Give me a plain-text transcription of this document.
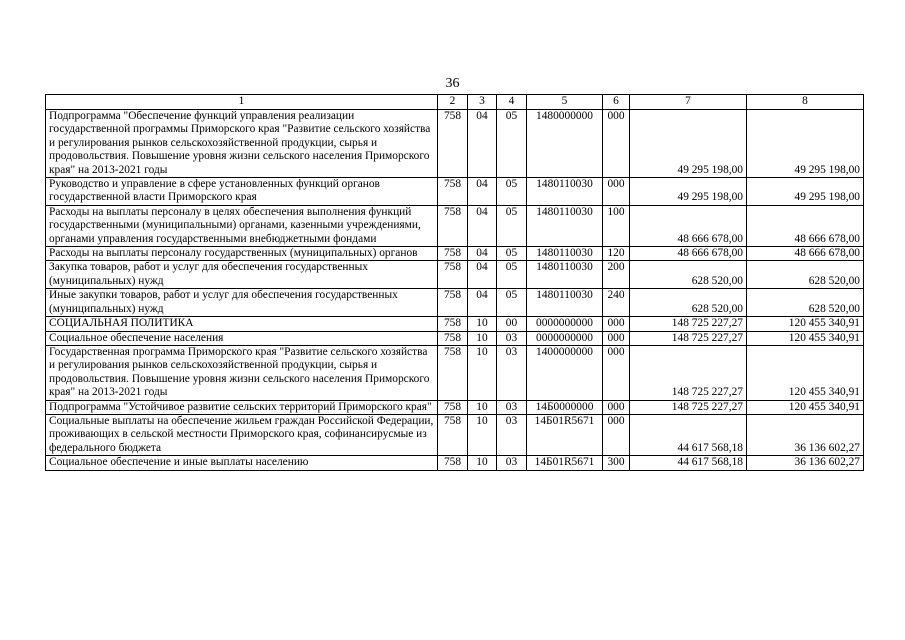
36
1	2	3	4	5	6	7	8
Подпрограмма "Обеспечение функций управления реализации государственной программы Приморского края "Развитие сельского хозяйства и регулирования рынков сельскохозяйственной продукции, сырья и продовольствия. Повышение уровня жизни сельского населения Приморского края" на 2013-2021 годы	758	04	05	1480000000	000	49 295 198,00	49 295 198,00
Руководство и управление в сфере установленных функций органов государственной власти Приморского края	758	04	05	1480110030	000	49 295 198,00	49 295 198,00
Расходы на выплаты персоналу в целях обеспечения выполнения функций государственными (муниципальными) органами, казенными учреждениями, органами управления государственными внебюджетными фондами	758	04	05	1480110030	100	48 666 678,00	48 666 678,00
Расходы на выплаты персоналу государственных (муниципальных) органов	758	04	05	1480110030	120	48 666 678,00	48 666 678,00
Закупка товаров, работ и услуг для обеспечения государственных (муниципальных) нужд	758	04	05	1480110030	200	628 520,00	628 520,00
Иные закупки товаров, работ и услуг для обеспечения государственных (муниципальных) нужд	758	04	05	1480110030	240	628 520,00	628 520,00
СОЦИАЛЬНАЯ ПОЛИТИКА	758	10	00	0000000000	000	148 725 227,27	120 455 340,91
Социальное обеспечение населения	758	10	03	0000000000	000	148 725 227,27	120 455 340,91
Государственная программа Приморского края "Развитие сельского хозяйства и регулирования рынков сельскохозяйственной продукции, сырья и продовольствия. Повышение уровня жизни сельского населения Приморского края" на 2013-2021 годы	758	10	03	1400000000	000	148 725 227,27	120 455 340,91
Подпрограмма "Устойчивое развитие сельских территорий Приморского края"	758	10	03	14Б0000000	000	148 725 227,27	120 455 340,91
Социальные выплаты на обеспечение жильем граждан Российской Федерации, проживающих в сельской местности Приморского края, софинансирусмые из федерального бюджета	758	10	03	14Б01R5671	000	44 617 568,18	36 136 602,27
Социальное обеспечение и иные выплаты населению	758	10	03	14Б01R5671	300	44 617 568,18	36 136 602,27
